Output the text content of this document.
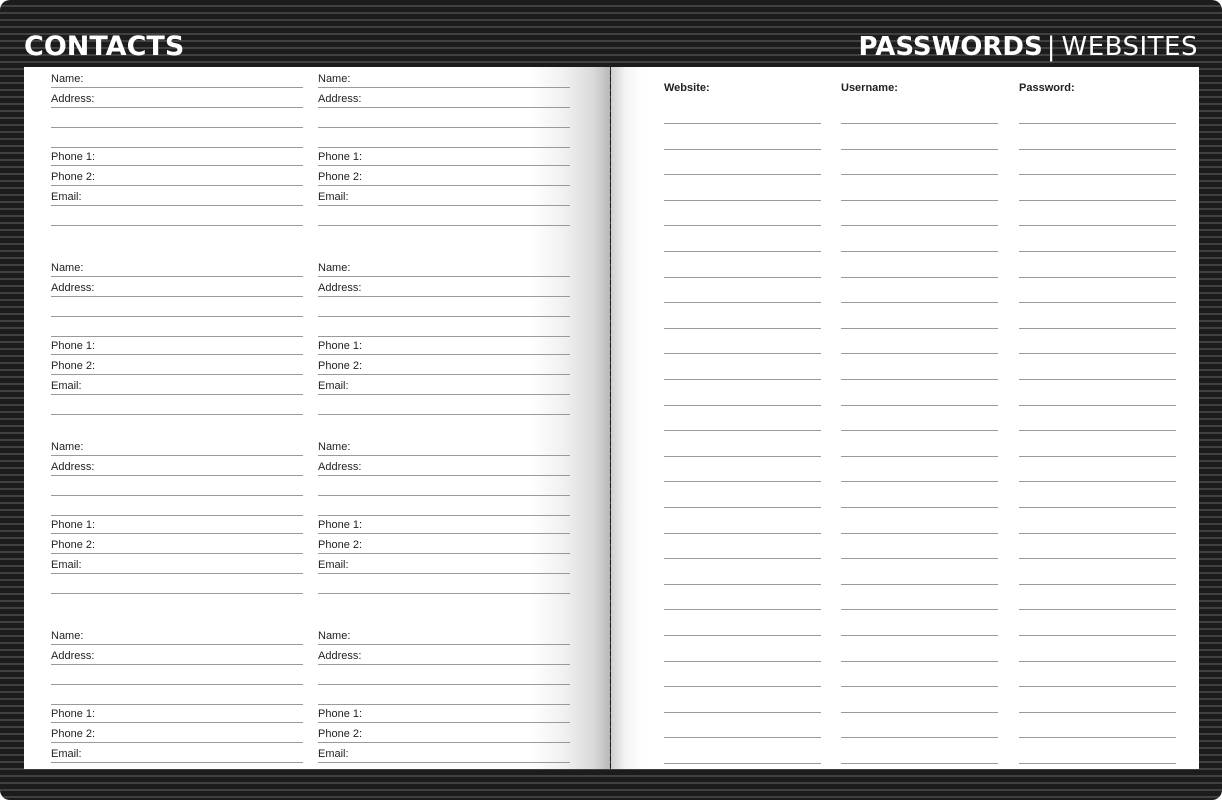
CONTACTS	PASSWORDS | WEBSITES
Name:
Address:
Phone 1:
Phone 2:
Email:
Name:
Address:
Phone 1:
Phone 2:
Email:
Name:
Address:
Phone 1:
Phone 2:
Email:
Name:
Address:
Phone 1:
Phone 2:
Email:
Name:
Address:
Phone 1:
Phone 2:
Email:
Name:
Address:
Phone 1:
Phone 2:
Email:
Name:
Address:
Phone 1:
Phone 2:
Email:
Name:
Address:
Phone 1:
Phone 2:
Email:
Website:	Username:	Password:
